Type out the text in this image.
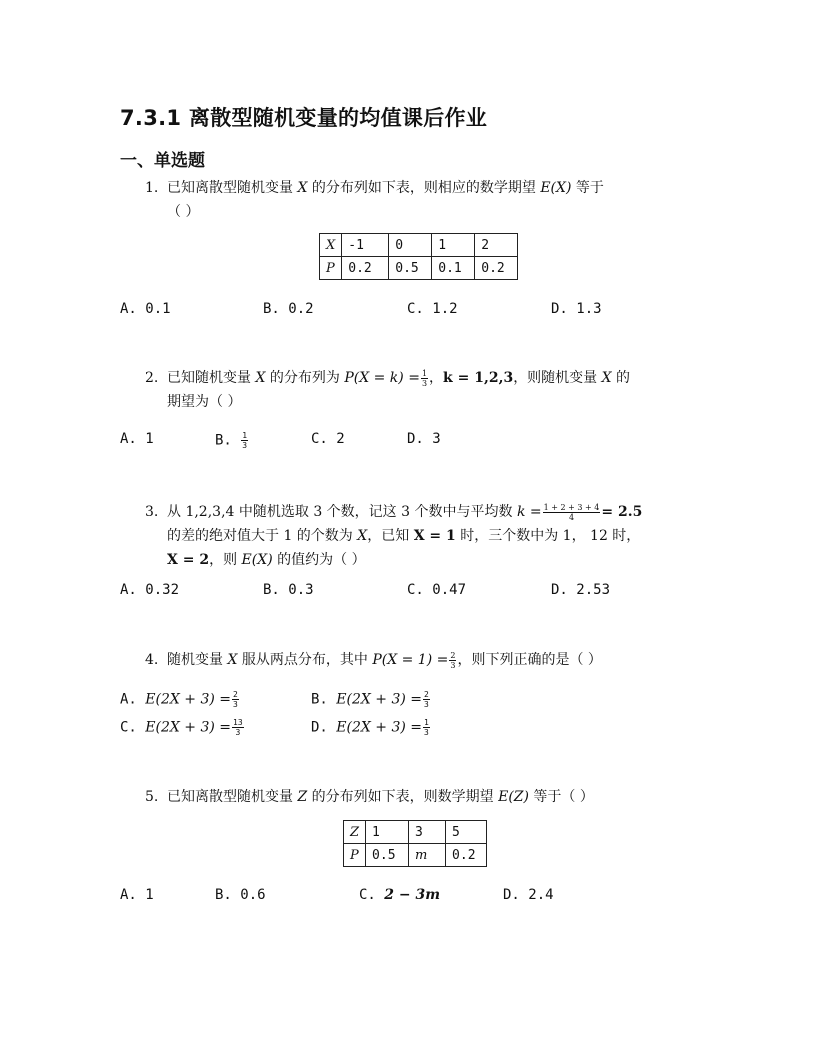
7.3.1 离散型随机变量的均值课后作业
一、单选题
1. 已知离散型随机变量 X 的分布列如下表，则相应的数学期望 E(X) 等于
（ ）
X	-1	0	1	2
P	0.2	0.5	0.1	0.2
A. 0.1	B. 0.2	C. 1.2	D. 1.3
2. 已知随机变量 X 的分布列为 $P(X = k) = \frac{1}{3}$ ，k = 1,2,3，则随机变量 X 的
期望为（ ）
A. 1	B. $\frac{1}{3}$	C. 2	D. 3
3. 从 1,2,3,4 中随机选取 3 个数，记这 3 个数中与平均数 $k = \frac{1 + 2 + 3 + 4}{4} = 2.5$
的差的绝对值大于 1 的个数为 X，已知 X = 1 时，三个数中为 1， 12 时，
X = 2，则 E(X) 的值约为（ ）
A. 0.32	B. 0.3	C. 0.47	D. 2.53
4. 随机变量 X 服从两点分布，其中 $P(X = 1) = \frac{2}{3}$ ，则下列正确的是（ ）
A. $E(2X + 3) = \frac{2}{3}$	B. $E(2X + 3) = \frac{2}{3}$
C. $E(2X + 3) = \frac{13}{3}$	D. $E(2X + 3) = \frac{1}{3}$
5. 已知离散型随机变量 Z 的分布列如下表，则数学期望 E(Z) 等于（ ）
Z	1	3	5
P	0.5	m	0.2
A. 1	B. 0.6	C. 2 − 3m	D. 2.4
